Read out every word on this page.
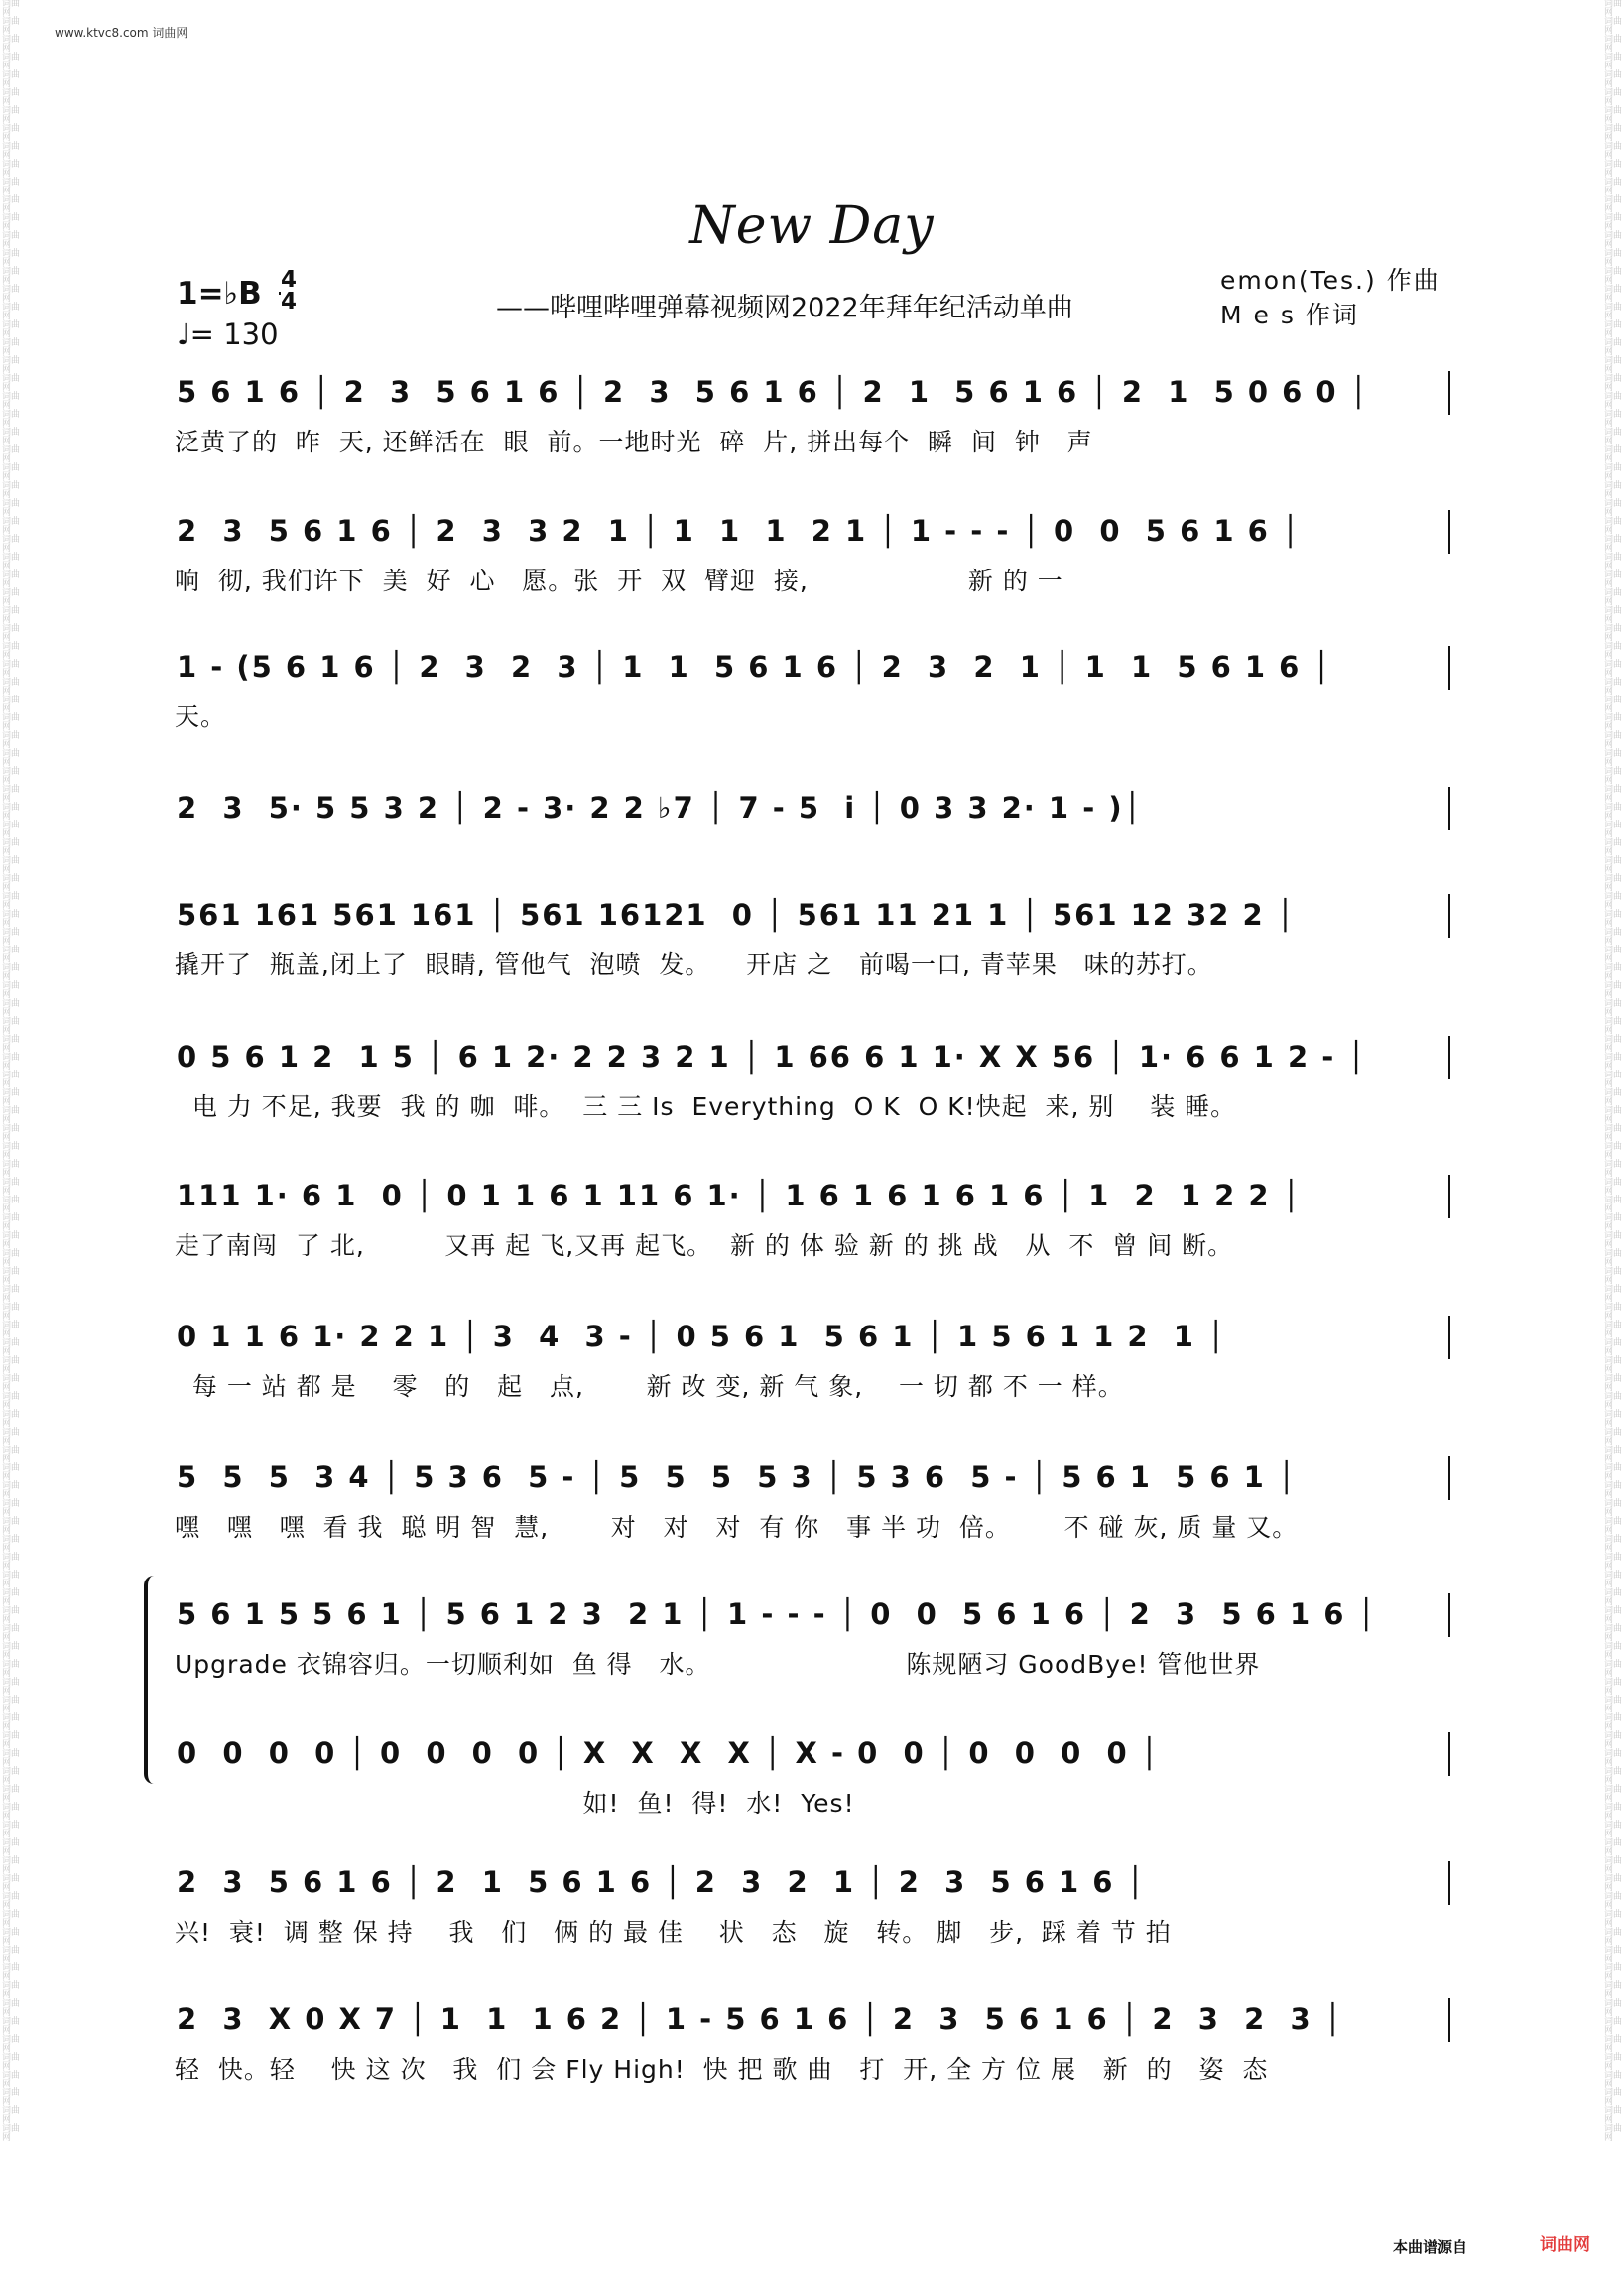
词曲网 词曲网 词曲网 词曲网 词曲网 词曲网 词曲网 词曲网 词曲网 词曲网 词曲网 词曲网 词曲网 词曲网 词曲网 词曲网 词曲网 词曲网 词曲网 词曲网 词曲网 词曲网 词曲网 词曲网 词曲网 词曲网 词曲网 词曲网 词曲网 词曲网 词曲网 词曲网 词曲网 词曲网 词曲网 词曲网 词曲网 词曲网 词曲网 词曲网 词曲网 词曲网 词曲网 词曲网 词曲网 词曲网 词曲网 词曲网 词曲网 词曲网 词曲网 词曲网 词曲网 词曲网 词曲网 词曲网 词曲网 词曲网 词曲网 词曲网 词曲网 词曲网 词曲网 词曲网 词曲网 词曲网 词曲网 词曲网 词曲网 词曲网 词曲网 词曲网 词曲网 词曲网 词曲网 词曲网 词曲网 词曲网 词曲网 词曲网 词曲网 词曲网 词曲网 词曲网 词曲网 词曲网 词曲网 词曲网 词曲网 词曲网 词曲网 词曲网 词曲网 词曲网 词曲网 词曲网 词曲网 词曲网 词曲网 词曲网 词曲网 词曲网 词曲网 词曲网 词曲网 词曲网 词曲网 词曲网 词曲网 词曲网 词曲网 词曲网 词曲网 词曲网 词曲网 词曲网 词曲网 词曲网 词曲网 词曲网
词曲网 词曲网 词曲网 词曲网 词曲网 词曲网 词曲网 词曲网 词曲网 词曲网 词曲网 词曲网 词曲网 词曲网 词曲网 词曲网 词曲网 词曲网 词曲网 词曲网 词曲网 词曲网 词曲网 词曲网 词曲网 词曲网 词曲网 词曲网 词曲网 词曲网 词曲网 词曲网 词曲网 词曲网 词曲网 词曲网 词曲网 词曲网 词曲网 词曲网 词曲网 词曲网 词曲网 词曲网 词曲网 词曲网 词曲网 词曲网 词曲网 词曲网 词曲网 词曲网 词曲网 词曲网 词曲网 词曲网 词曲网 词曲网 词曲网 词曲网 词曲网 词曲网 词曲网 词曲网 词曲网 词曲网 词曲网 词曲网 词曲网 词曲网 词曲网 词曲网 词曲网 词曲网 词曲网 词曲网 词曲网 词曲网 词曲网 词曲网 词曲网 词曲网 词曲网 词曲网 词曲网 词曲网 词曲网 词曲网 词曲网 词曲网 词曲网 词曲网 词曲网 词曲网 词曲网 词曲网 词曲网 词曲网 词曲网 词曲网 词曲网 词曲网 词曲网 词曲网 词曲网 词曲网 词曲网 词曲网 词曲网 词曲网 词曲网 词曲网 词曲网 词曲网 词曲网 词曲网 词曲网 词曲网 词曲网 词曲网
www.ktvc8.com 词曲网
New Day
——哔哩哔哩弹幕视频网2022年拜年纪活动单曲
1=♭B 4
4
♩= 130
emon(Tes.) 作曲
M e s 作词
5 6 1 6 │ 2  3  5 6 1 6 │ 2  3  5 6 1 6 │ 2  1  5 6 1 6 │ 2  1  5 0 6 0 │
泛黄了的  昨  天, 还鲜活在  眼  前。一地时光  碎  片, 拼出每个  瞬  间  钟   声
2  3  5 6 1 6 │ 2  3  3 2  1 │ 1  1  1  2 1 │ 1 - - - │ 0  0  5 6 1 6 │
响  彻, 我们许下  美  好  心   愿。张  开  双  臂迎  接,                  新 的 一
1 - (5 6 1 6 │ 2  3  2  3 │ 1  1  5 6 1 6 │ 2  3  2  1 │ 1  1  5 6 1 6 │
天。
2  3  5· 5 5 3 2 │ 2 - 3· 2 2 ♭7 │ 7 - 5  i │ 0 3 3 2· 1 - )│
561 161 561 161 │ 561 16121  0 │ 561 11 21 1 │ 561 12 32 2 │
撬开了  瓶盖,闭上了  眼睛, 管他气  泡喷  发。    开店 之   前喝一口, 青苹果   味的苏打。
0 5 6 1 2  1 5 │ 6 1 2· 2 2 3 2 1 │ 1 66 6 1 1· X X 56 │ 1· 6 6 1 2 - │
电 力 不足, 我要  我 的 咖  啡。  三 三 Is  Everything  O K  O K!快起  来, 别    装 睡。
111 1· 6 1  0 │ 0 1 1 6 1 11 6 1· │ 1 6 1 6 1 6 1 6 │ 1  2  1 2 2 │
走了南闯  了 北,         又再 起 飞,又再 起飞。  新 的 体 验 新 的 挑 战   从  不  曾 间 断。
0 1 1 6 1· 2 2 1 │ 3  4  3 - │ 0 5 6 1  5 6 1 │ 1 5 6 1 1 2  1 │
每 一 站 都 是    零   的   起   点,       新 改 变, 新 气 象,    一 切 都 不 一 样。
5  5  5  3 4 │ 5 3 6  5 - │ 5  5  5  5 3 │ 5 3 6  5 - │ 5 6 1  5 6 1 │
嘿   嘿   嘿  看 我  聪 明 智  慧,       对   对   对  有 你   事 半 功  倍。      不 碰 灰, 质 量 又。
5 6 1 5 5 6 1 │ 5 6 1 2 3  2 1 │ 1 - - - │ 0  0  5 6 1 6 │ 2  3  5 6 1 6 │
Upgrade 衣锦容归。一切顺利如  鱼 得   水。                      陈规陋习 GoodBye! 管他世界
0  0  0  0 │ 0  0  0  0 │ X  X  X  X │ X - 0  0 │ 0  0  0  0 │
如!  鱼!  得!  水!  Yes!
2  3  5 6 1 6 │ 2  1  5 6 1 6 │ 2  3  2  1 │ 2  3  5 6 1 6 │
兴!  衰!  调 整 保 持    我   们   俩 的 最 佳    状   态   旋   转。 脚   步,  踩 着 节 拍
2  3  X 0 X 7 │ 1  1  1 6 2 │ 1 - 5 6 1 6 │ 2  3  5 6 1 6 │ 2  3  2  3 │
轻  快。轻    快 这 次   我  们 会 Fly High!  快 把 歌 曲   打  开, 全 方 位 展   新  的   姿  态
本曲谱源自	词曲网
